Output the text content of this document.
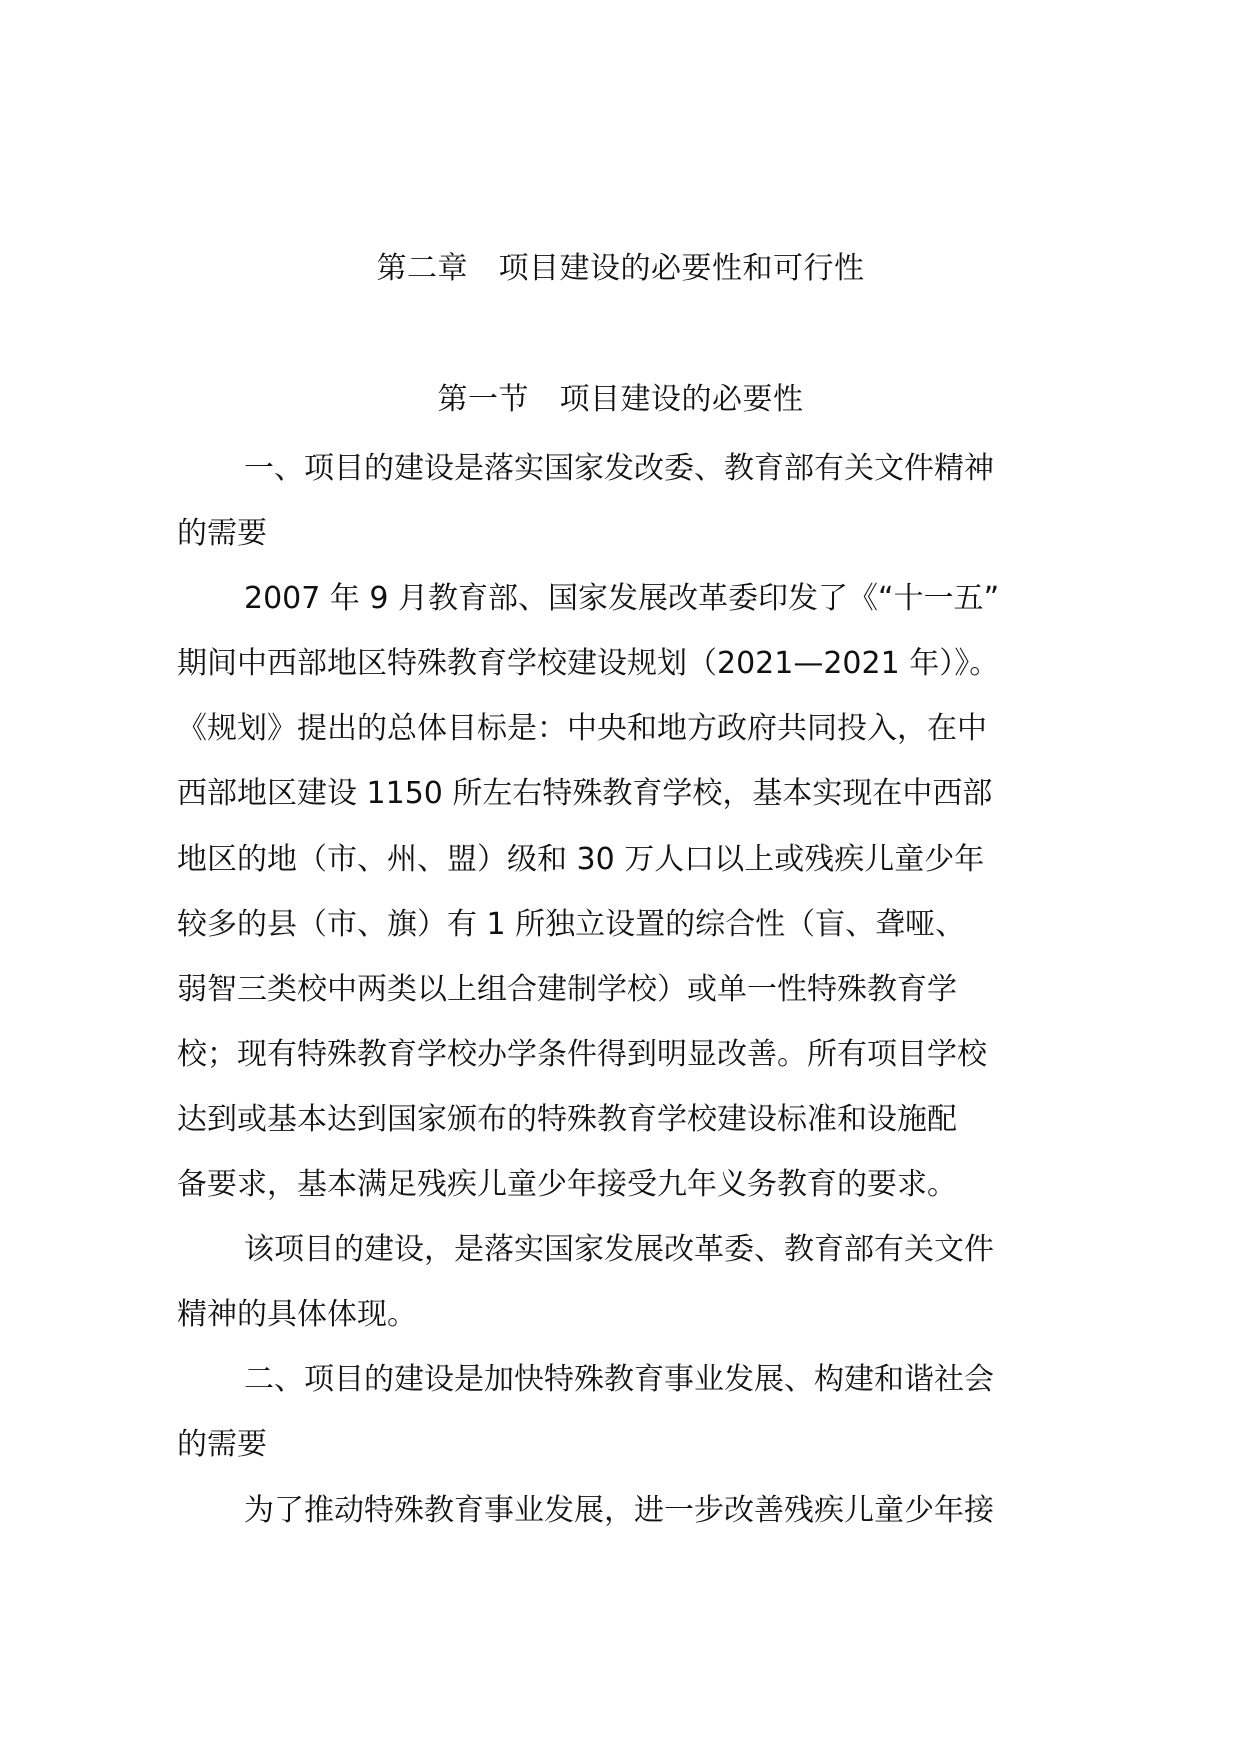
第二章　项目建设的必要性和可行性
第一节　项目建设的必要性
一、项目的建设是落实国家发改委、教育部有关文件精神
的需要
2007 年 9 月教育部、国家发展改革委印发了《“十一五”
期间中西部地区特殊教育学校建设规划（2021—2021 年）》。
《规划》提出的总体目标是：中央和地方政府共同投入，在中
西部地区建设 1150 所左右特殊教育学校，基本实现在中西部
地区的地（市、州、盟）级和 30 万人口以上或残疾儿童少年
较多的县（市、旗）有 1 所独立设置的综合性（盲、聋哑、
弱智三类校中两类以上组合建制学校）或单一性特殊教育学
校；现有特殊教育学校办学条件得到明显改善。所有项目学校
达到或基本达到国家颁布的特殊教育学校建设标准和设施配
备要求，基本满足残疾儿童少年接受九年义务教育的要求。
该项目的建设，是落实国家发展改革委、教育部有关文件
精神的具体体现。
二、项目的建设是加快特殊教育事业发展、构建和谐社会
的需要
为了推动特殊教育事业发展，进一步改善残疾儿童少年接
